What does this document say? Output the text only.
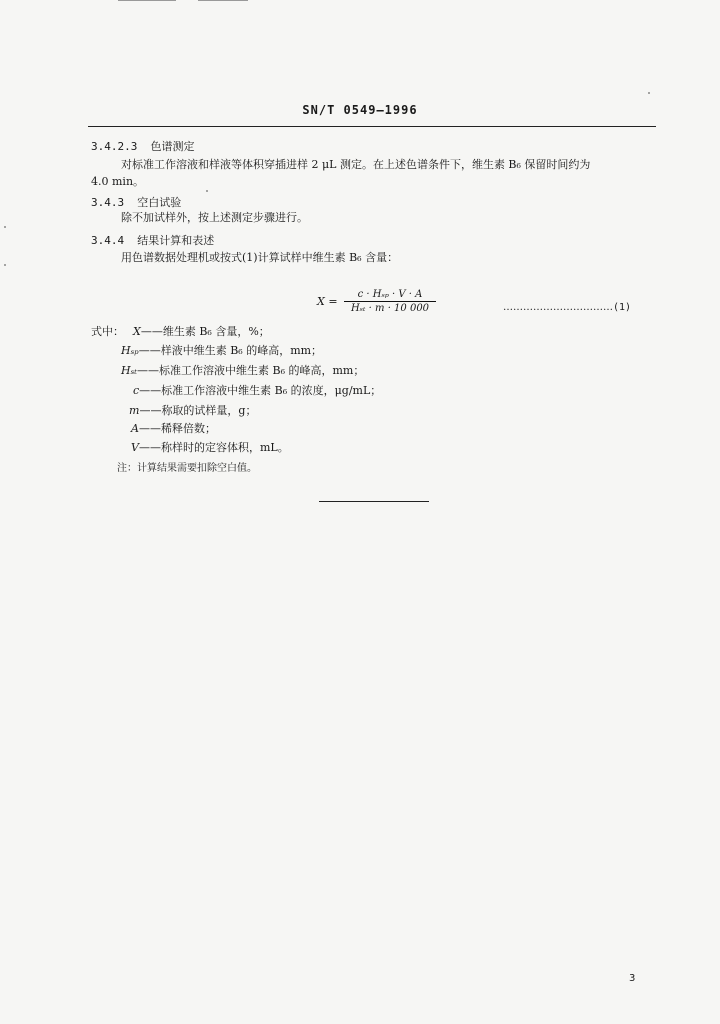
SN/T 0549—1996
3.4.2.3 色谱测定
对标准工作溶液和样液等体积穿插进样 2 μL 测定。在上述色谱条件下，维生素 B₆ 保留时间约为
4.0 min。
3.4.3 空白试验
除不加试样外，按上述测定步骤进行。
3.4.4 结果计算和表述
用色谱数据处理机或按式(1)计算试样中维生素 B₆ 含量：
X =
c · Hₛₚ · V · A
Hₛₜ · m · 10 000	……………………………(1)
式中： X——维生素 B₆ 含量，%；
Hₛₚ——样液中维生素 B₆ 的峰高，mm；
Hₛₜ——标准工作溶液中维生素 B₆ 的峰高，mm；
c——标准工作溶液中维生素 B₆ 的浓度，μg/mL；
m——称取的试样量，g；
A——稀释倍数；
V——称样时的定容体积，mL。
注：计算结果需要扣除空白值。
3
